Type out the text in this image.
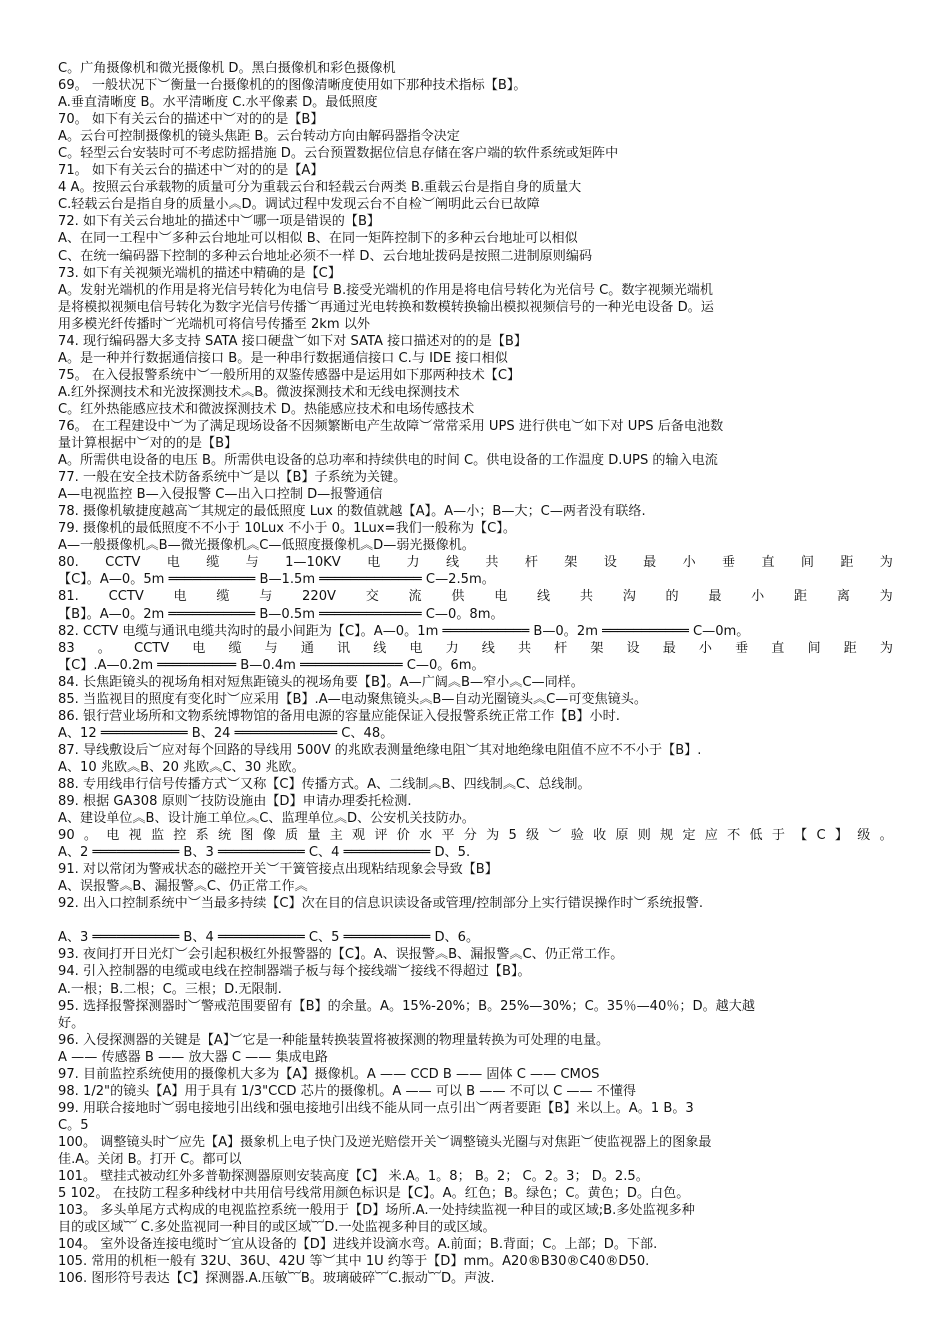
C。广角摄像机和微光摄像机 D。黑白摄像机和彩色摄像机
69。 一般状况下︶衡量一台摄像机的的图像清晰度使用如下那种技术指标【B】。
A.垂直清晰度 B。水平清晰度 C.水平像素 D。最低照度
70。 如下有关云台的描述中︶对的的是【B】
A。云台可控制摄像机的镜头焦距 B。云台转动方向由解码器指令决定
C。轻型云台安装时可不考虑防摇措施 D。云台预置数据位信息存储在客户端的软件系统或矩阵中
71。 如下有关云台的描述中︶对的的是【A】
4 A。按照云台承载物的质量可分为重载云台和轻载云台两类 B.重载云台是指自身的质量大
C.轻载云台是指自身的质量小︽D。调试过程中发现云台不自检︶阐明此云台已故障
72. 如下有关云台地址的描述中︶哪一项是错误的【B】
A、在同一工程中︶多种云台地址可以相似 B、在同一矩阵控制下的多种云台地址可以相似
C、在统一编码器下控制的多种云台地址必须不一样 D、云台地址拨码是按照二进制原则编码
73. 如下有关视频光端机的描述中精确的是【C】
A。发射光端机的作用是将光信号转化为电信号 B.接受光端机的作用是将电信号转化为光信号 C。数字视频光端机
是将模拟视频电信号转化为数字光信号传播︶再通过光电转换和数模转换输出模拟视频信号的一种光电设备 D。运
用多模光纤传播时︶光端机可将信号传播至 2km 以外
74. 现行编码器大多支持 SATA 接口硬盘︶如下对 SATA 接口描述对的的是【B】
A。是一种并行数据通信接口 B。是一种串行数据通信接口 C.与 IDE 接口相似
75。 在入侵报警系统中︶一般所用的双鉴传感器中是运用如下那两种技术【C】
A.红外探测技术和光波探测技术︽B。微波探测技术和无线电探测技术
C。红外热能感应技术和微波探测技术 D。热能感应技术和电场传感技术
76。 在工程建设中︶为了满足现场设备不因频繁断电产生故障︶常常采用 UPS 进行供电︶如下对 UPS 后备电池数
量计算根据中︶对的的是【B】
A。所需供电设备的电压 B。所需供电设备的总功率和持续供电的时间 C。供电设备的工作温度 D.UPS 的输入电流
77. 一般在安全技术防备系统中︶是以【B】子系统为关键。
A—电视监控 B—入侵报警 C—出入口控制 D—报警通信
78. 摄像机敏捷度越高︶其规定的最低照度 Lux 的数值就越【A】。A—小；B—大；C—两者没有联络.
79. 摄像机的最低照度不不小于 10Lux 不小于 0。1Lux=我们一般称为【C】。
A—一般摄像机︽B—微光摄像机︽C—低照度摄像机︽D—弱光摄像机。
80. CCTV 电 缆 与 1—10KV 电 力 线 共 杆 架 设 最 小 垂 直 间 距 为
【C】。A—0。5m ═══════════ B—1.5m ═════════════ C—2.5m。
81. CCTV 电 缆 与 220V 交 流 供 电 线 共 沟 的 最 小 距 离 为
【B】。A—0。2m ═══════════ B—0.5m ═════════════ C—0。8m。
82. CCTV 电缆与通讯电缆共沟时的最小间距为【C】。A—0。1m ═══════════ B—0。2m ═══════════ C—0m。
83 。 CCTV 电 缆 与 通 讯 线 电 力 线 共 杆 架 设 最 小 垂 直 间 距 为
【C】.A—0.2m ══════════ B—0.4m ═════════════ C—0。6m。
84. 长焦距镜头的视场角相对短焦距镜头的视场角要【B】。A—广阔︽B—窄小︽C—同样。
85. 当监视目的照度有变化时︶应采用【B】.A—电动聚焦镜头︽B—自动光圈镜头︽C—可变焦镜头。
86. 银行营业场所和文物系统博物馆的备用电源的容量应能保证入侵报警系统正常工作【B】小时.
A、12 ═══════════ B、24 ═════════════ C、48。
87. 导线敷设后︶应对每个回路的导线用 500V 的兆欧表测量绝缘电阻︶其对地绝缘电阻值不应不不小于【B】.
A、10 兆欧︽B、20 兆欧︽C、30 兆欧。
88. 专用线串行信号传播方式︶又称【C】传播方式。A、二线制︽B、四线制︽C、总线制。
89. 根据 GA308 原则︶技防设施由【D】申请办理委托检测.
A、建设单位︽B、设计施工单位︽C、监理单位︽D、公安机关技防办。
90 。 电 视 监 控 系 统 图 像 质 量 主 观 评 价 水 平 分 为 5 级 ︶ 验 收 原 则 规 定 应 不 低 于 【 C 】 级 。
A、2 ═══════════ B、3 ═══════════ C、4 ═══════════ D、5.
91. 对以常闭为警戒状态的磁控开关︶干簧管接点出现粘结现象会导致【B】
A、误报警︽B、漏报警︽C、仍正常工作︽
92. 出入口控制系统中︶当最多持续【C】次在目的信息识读设备或管理/控制部分上实行错误操作时︶系统报警.
A、3 ═══════════ B、4 ═══════════ C、5 ═══════════ D、6。
93. 夜间打开日光灯︶会引起积极红外报警器的【C】。A、误报警︽B、漏报警︽C、仍正常工作。
94. 引入控制器的电缆或电线在控制器端子板与每个接线端︶接线不得超过【B】。
A.一根；B.二根；C。三根；D.无限制.
95. 选择报警探测器时︶警戒范围要留有【B】的余量。A。15%-20%；B。25%—30%；C。35％—40％；D。越大越
好。
96. 入侵探测器的关键是【A】︶它是一种能量转换装置将被探测的物理量转换为可处理的电量。
A —— 传感器 B —— 放大器 C —— 集成电路
97. 目前监控系统使用的摄像机大多为【A】摄像机。A —— CCD B —— 固体 C —— CMOS
98. 1/2"的镜头【A】用于具有 1/3"CCD 芯片的摄像机。A —— 可以 B —— 不可以 C —— 不懂得
99. 用联合接地时︶弱电接地引出线和强电接地引出线不能从同一点引出︶两者要距【B】米以上。A。1 B。3
C。5
100。 调整镜头时︶应先【A】摄象机上电子快门及逆光赔偿开关︶调整镜头光圈与对焦距︶使监视器上的图象最
佳.A。关闭 B。打开 C。都可以
101。 壁挂式被动红外多普勒探测器原则安装高度【C】 米.A。1。8； B。2； C。2。3； D。2.5。
5 102。 在技防工程多种线材中共用信号线常用颜色标识是【C】。A。红色；B。绿色；C。黄色；D。白色。
103。 多头单尾方式构成的电视监控系统一般用于【D】场所.A.一处持续监视一种目的或区域;B.多处监视多种
目的或区域︸ C.多处监视同一种目的或区域︸D.一处监视多种目的或区域。
104。 室外设备连接电缆时︶宜从设备的【D】进线并设滴水弯。A.前面；B.背面；C。上部；D。下部.
105. 常用的机柜一般有 32U、36U、42U 等︶其中 1U 约等于【D】mm。A20®B30®C40®D50.
106. 图形符号表达【C】探测器.A.压敏︸B。玻璃破碎︸C.振动︸D。声波.
